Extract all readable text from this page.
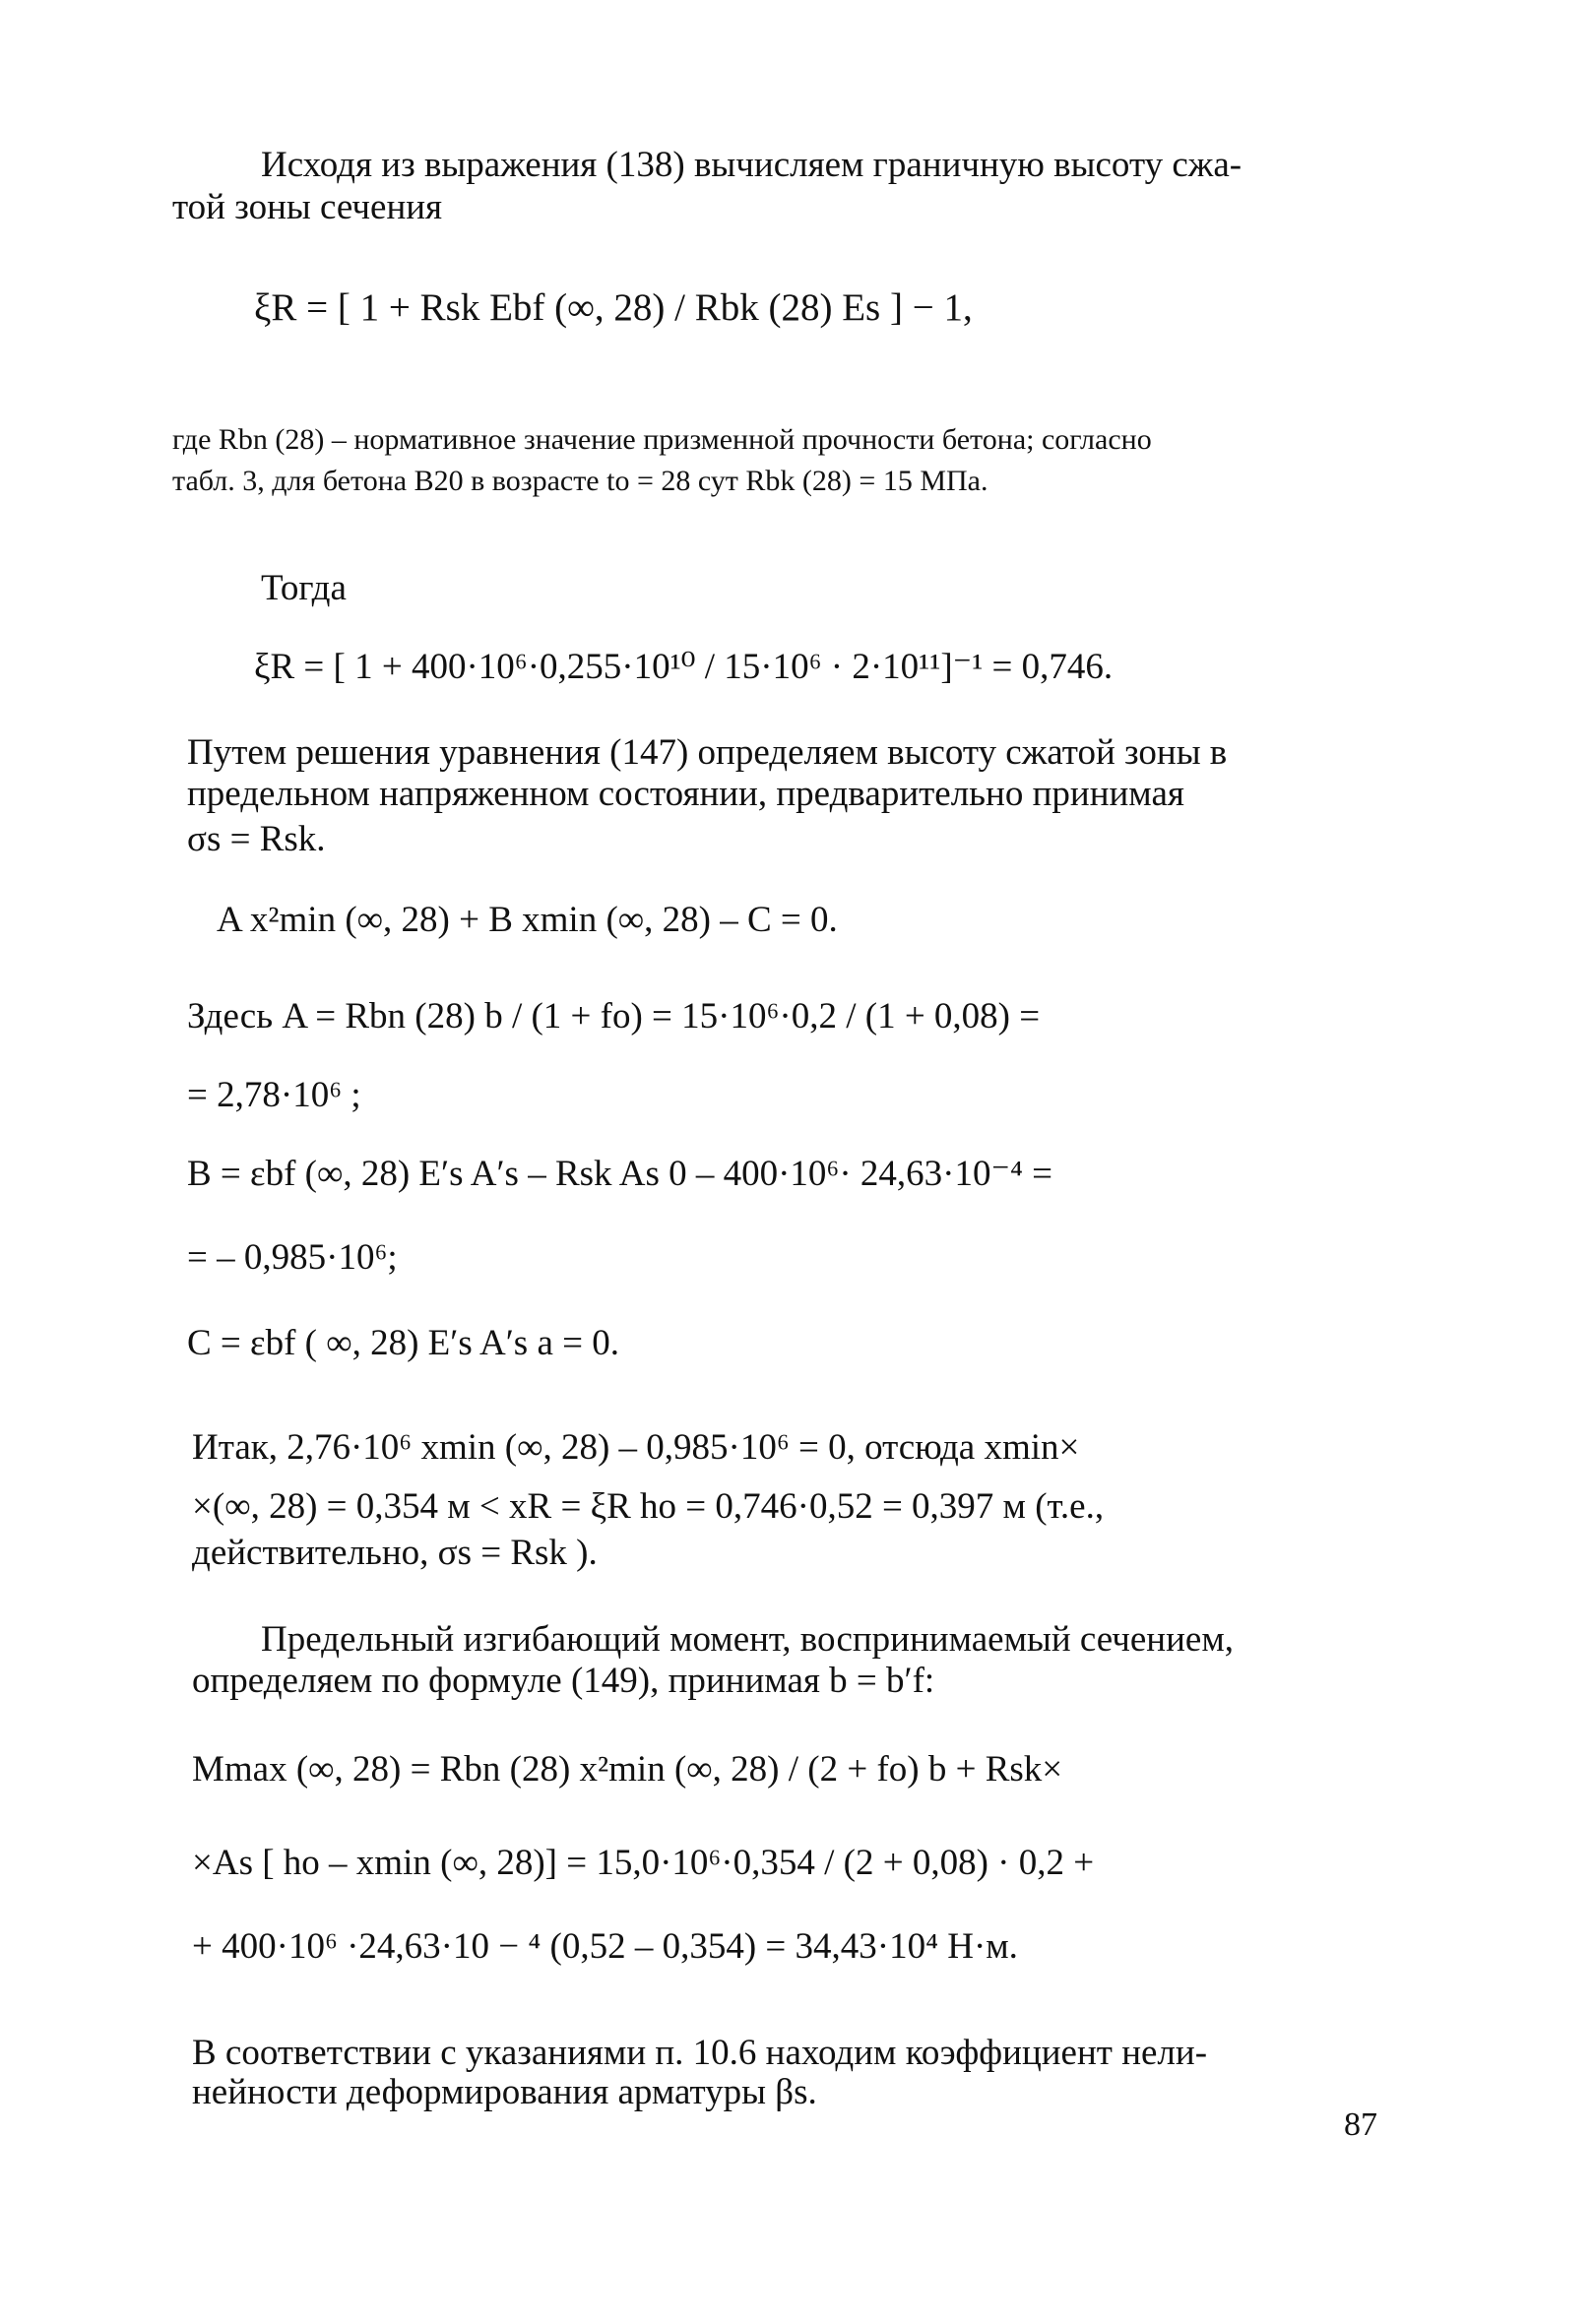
Исходя из выражения (138) вычисляем граничную высоту сжа-
той зоны сечения
ξR = [ 1 + Rsk Ebf (∞, 28) / Rbk (28) Es ] − 1,
где Rbn (28) – нормативное значение призменной прочности бетона; согласно
табл. 3, для бетона В20 в возрасте to = 28 сут Rbk (28) = 15 МПа.
Тогда
ξR = [ 1 + 400·10⁶·0,255·10¹⁰ / 15·10⁶ · 2·10¹¹]⁻¹ = 0,746.
Путем решения уравнения (147) определяем высоту сжатой зоны в
предельном напряженном состоянии, предварительно принимая
σs = Rsk.
A x²min (∞, 28) + B xmin (∞, 28) – C = 0.
Здесь A = Rbn (28) b / (1 + fo) = 15·10⁶·0,2 / (1 + 0,08) =
= 2,78·10⁶ ;
B = εbf (∞, 28) E′s A′s – Rsk As 0 – 400·10⁶· 24,63·10⁻⁴ =
= – 0,985·10⁶;
C = εbf ( ∞, 28) E′s A′s a = 0.
Итак, 2,76·10⁶ xmin (∞, 28) – 0,985·10⁶ = 0, отсюда xmin×
×(∞, 28) = 0,354 м < xR = ξR ho = 0,746·0,52 = 0,397 м (т.е.,
действительно, σs = Rsk ).
Предельный изгибающий момент, воспринимаемый сечением,
определяем по формуле (149), принимая b = b′f:
Mmax (∞, 28) = Rbn (28) x²min (∞, 28) / (2 + fo) b + Rsk×
×As [ ho – xmin (∞, 28)] = 15,0·10⁶·0,354 / (2 + 0,08) · 0,2 +
+ 400·10⁶ ·24,63·10 − ⁴ (0,52 – 0,354) = 34,43·10⁴ Н·м.
В соответствии с указаниями п. 10.6 находим коэффициент нели-
нейности деформирования арматуры βs.
87
